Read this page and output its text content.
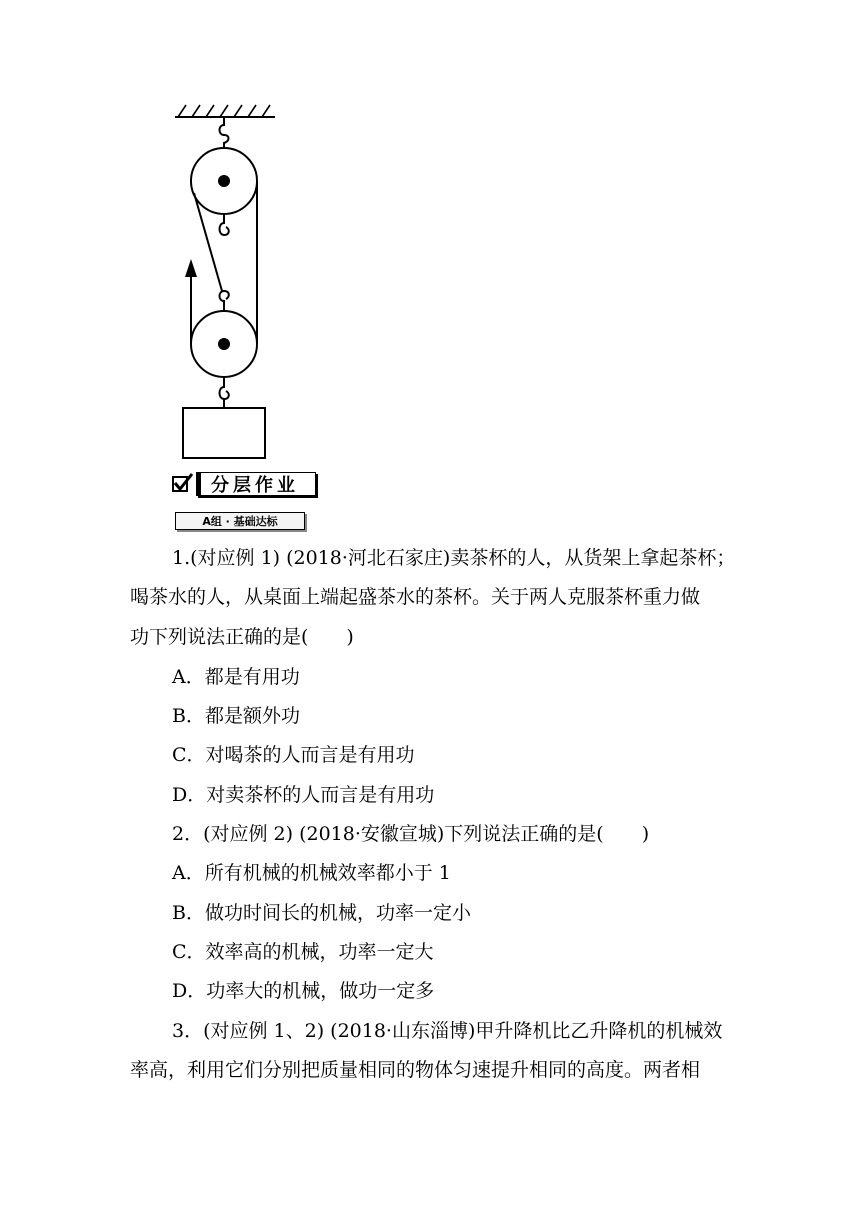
分层作业
A组 · 基础达标
1.(对应例 1) (2018·河北石家庄)卖茶杯的人，从货架上拿起茶杯；
喝茶水的人，从桌面上端起盛茶水的茶杯。关于两人克服茶杯重力做
功下列说法正确的是(　　)
A．都是有用功
B．都是额外功
C．对喝茶的人而言是有用功
D．对卖茶杯的人而言是有用功
2．(对应例 2) (2018·安徽宣城)下列说法正确的是(　　)
A．所有机械的机械效率都小于 1
B．做功时间长的机械，功率一定小
C．效率高的机械，功率一定大
D．功率大的机械，做功一定多
3．(对应例 1、2) (2018·山东淄博)甲升降机比乙升降机的机械效
率高，利用它们分别把质量相同的物体匀速提升相同的高度。两者相
